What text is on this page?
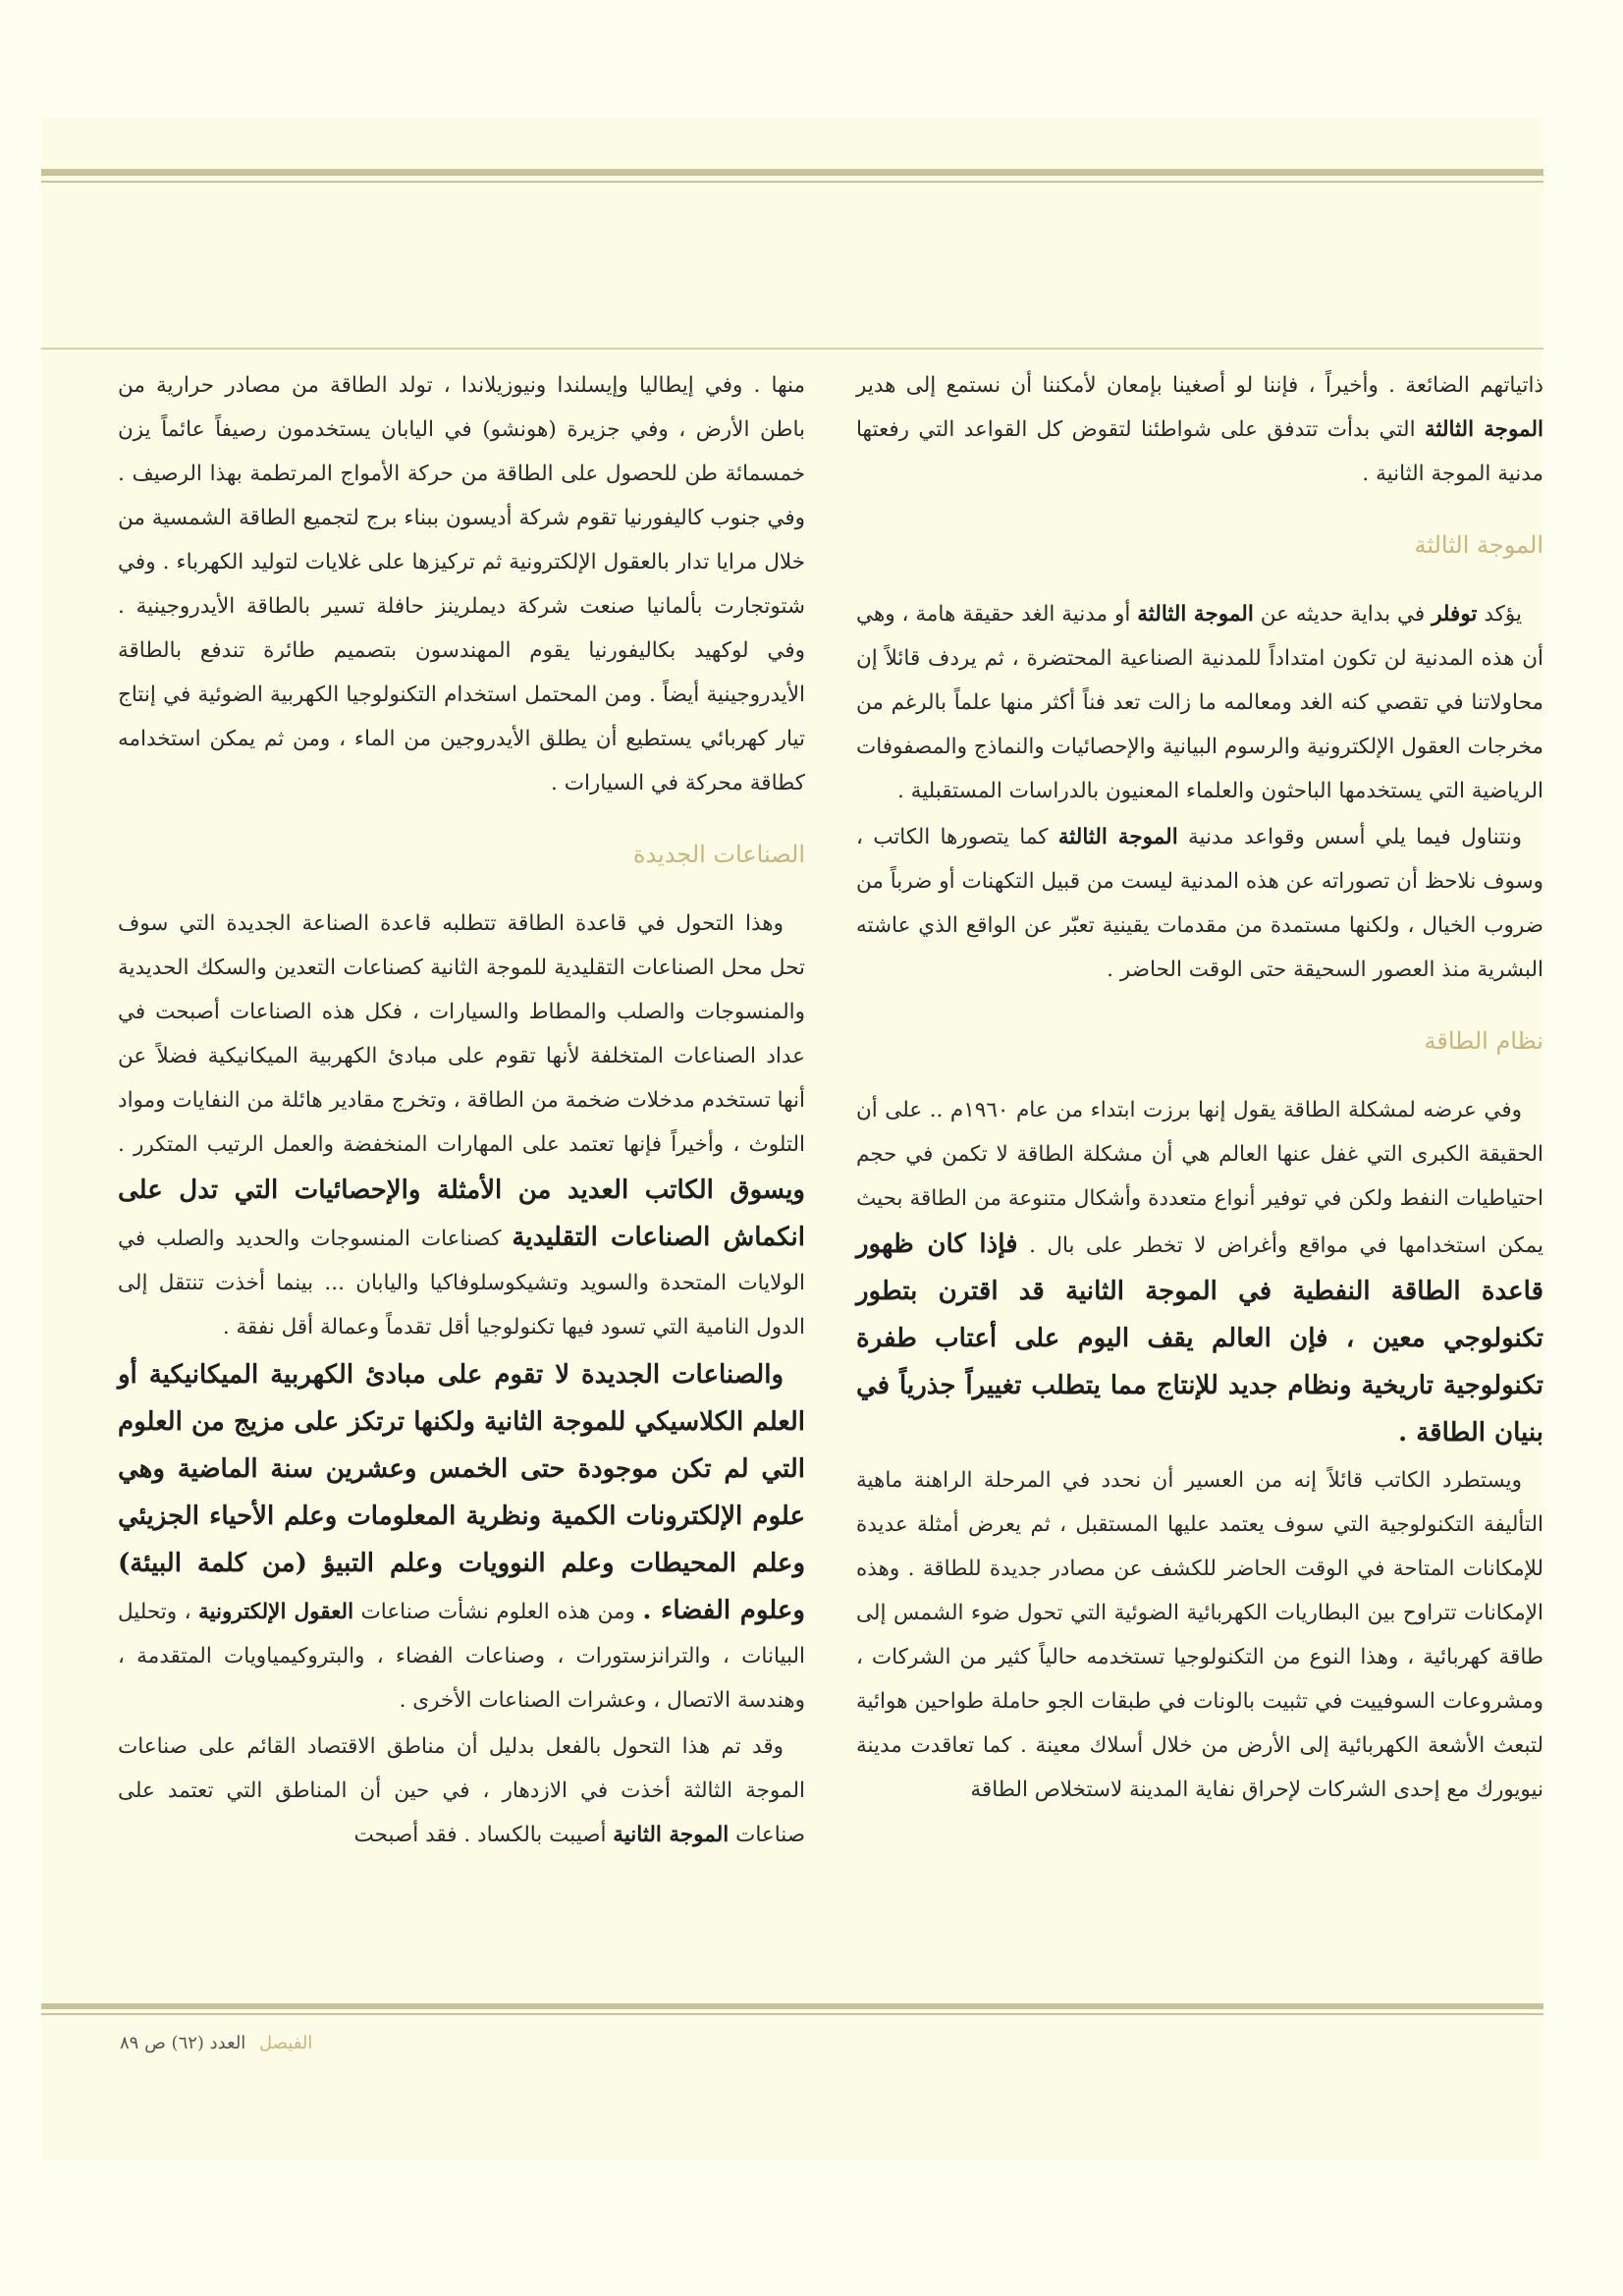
ذاتياتهم الضائعة . وأخيراً ، فإننا لو أصغينا بإمعان لأمكننا أن نستمع إلى هدير الموجة الثالثة التي بدأت تتدفق على شواطئنا لتقوض كل القواعد التي رفعتها مدنية الموجة الثانية .

الموجة الثالثة

يؤكد توفلر في بداية حديثه عن الموجة الثالثة أو مدنية الغد حقيقة هامة ، وهي أن هذه المدنية لن تكون امتداداً للمدنية الصناعية المحتضرة ، ثم يردف قائلاً إن محاولاتنا في تقصي كنه الغد ومعالمه ما زالت تعد فناً أكثر منها علماً بالرغم من مخرجات العقول الإلكترونية والرسوم البيانية والإحصائيات والنماذج والمصفوفات الرياضية التي يستخدمها الباحثون والعلماء المعنيون بالدراسات المستقبلية .

ونتناول فيما يلي أسس وقواعد مدنية الموجة الثالثة كما يتصورها الكاتب ، وسوف نلاحظ أن تصوراته عن هذه المدنية ليست من قبيل التكهنات أو ضرباً من ضروب الخيال ، ولكنها مستمدة من مقدمات يقينية تعبّر عن الواقع الذي عاشته البشرية منذ العصور السحيقة حتى الوقت الحاضر .

نظام الطاقة

وفي عرضه لمشكلة الطاقة يقول إنها برزت ابتداء من عام ١٩٦٠م .. على أن الحقيقة الكبرى التي غفل عنها العالم هي أن مشكلة الطاقة لا تكمن في حجم احتياطيات النفط ولكن في توفير أنواع متعددة وأشكال متنوعة من الطاقة بحيث يمكن استخدامها في مواقع وأغراض لا تخطر على بال . فإذا كان ظهور قاعدة الطاقة النفطية في الموجة الثانية قد اقترن بتطور تكنولوجي معين ، فإن العالم يقف اليوم على أعتاب طفرة تكنولوجية تاريخية ونظام جديد للإنتاج مما يتطلب تغييراً جذرياً في بنيان الطاقة .

ويستطرد الكاتب قائلاً إنه من العسير أن نحدد في المرحلة الراهنة ماهية التأليفة التكنولوجية التي سوف يعتمد عليها المستقبل ، ثم يعرض أمثلة عديدة للإمكانات المتاحة في الوقت الحاضر للكشف عن مصادر جديدة للطاقة . وهذه الإمكانات تتراوح بين البطاريات الكهربائية الضوئية التي تحول ضوء الشمس إلى طاقة كهربائية ، وهذا النوع من التكنولوجيا تستخدمه حالياً كثير من الشركات ، ومشروعات السوفييت في تثبيت بالونات في طبقات الجو حاملة طواحين هوائية لتبعث الأشعة الكهربائية إلى الأرض من خلال أسلاك معينة . كما تعاقدت مدينة نيويورك مع إحدى الشركات لإحراق نفاية المدينة لاستخلاص الطاقة

منها . وفي إيطاليا وإيسلندا ونيوزيلاندا ، تولد الطاقة من مصادر حرارية من باطن الأرض ، وفي جزيرة (هونشو) في اليابان يستخدمون رصيفاً عائماً يزن خمسمائة طن للحصول على الطاقة من حركة الأمواج المرتطمة بهذا الرصيف . وفي جنوب كاليفورنيا تقوم شركة أديسون ببناء برج لتجميع الطاقة الشمسية من خلال مرايا تدار بالعقول الإلكترونية ثم تركيزها على غلايات لتوليد الكهرباء . وفي شتوتجارت بألمانيا صنعت شركة ديملرينز حافلة تسير بالطاقة الأيدروجينية . وفي لوكهيد بكاليفورنيا يقوم المهندسون بتصميم طائرة تندفع بالطاقة الأيدروجينية أيضاً . ومن المحتمل استخدام التكنولوجيا الكهربية الضوئية في إنتاج تيار كهربائي يستطيع أن يطلق الأيدروجين من الماء ، ومن ثم يمكن استخدامه كطاقة محركة في السيارات .

الصناعات الجديدة

وهذا التحول في قاعدة الطاقة تتطلبه قاعدة الصناعة الجديدة التي سوف تحل محل الصناعات التقليدية للموجة الثانية كصناعات التعدين والسكك الحديدية والمنسوجات والصلب والمطاط والسيارات ، فكل هذه الصناعات أصبحت في عداد الصناعات المتخلفة لأنها تقوم على مبادئ الكهربية الميكانيكية فضلاً عن أنها تستخدم مدخلات ضخمة من الطاقة ، وتخرج مقادير هائلة من النفايات ومواد التلوث ، وأخيراً فإنها تعتمد على المهارات المنخفضة والعمل الرتيب المتكرر . ويسوق الكاتب العديد من الأمثلة والإحصائيات التي تدل على انكماش الصناعات التقليدية كصناعات المنسوجات والحديد والصلب في الولايات المتحدة والسويد وتشيكوسلوفاكيا واليابان ... بينما أخذت تنتقل إلى الدول النامية التي تسود فيها تكنولوجيا أقل تقدماً وعمالة أقل نفقة .

والصناعات الجديدة لا تقوم على مبادئ الكهربية الميكانيكية أو العلم الكلاسيكي للموجة الثانية ولكنها ترتكز على مزيج من العلوم التي لم تكن موجودة حتى الخمس وعشرين سنة الماضية وهي علوم الإلكترونات الكمية ونظرية المعلومات وعلم الأحياء الجزيئي وعلم المحيطات وعلم النوويات وعلم التبيؤ (من كلمة البيئة) وعلوم الفضاء . ومن هذه العلوم نشأت صناعات العقول الإلكترونية ، وتحليل البيانات ، والترانزستورات ، وصناعات الفضاء ، والبتروكيمياويات المتقدمة ، وهندسة الاتصال ، وعشرات الصناعات الأخرى .

وقد تم هذا التحول بالفعل بدليل أن مناطق الاقتصاد القائم على صناعات الموجة الثالثة أخذت في الازدهار ، في حين أن المناطق التي تعتمد على صناعات الموجة الثانية أصيبت بالكساد . فقد أصبحت

الفيصل العدد (٦٢) ص ٨٩
